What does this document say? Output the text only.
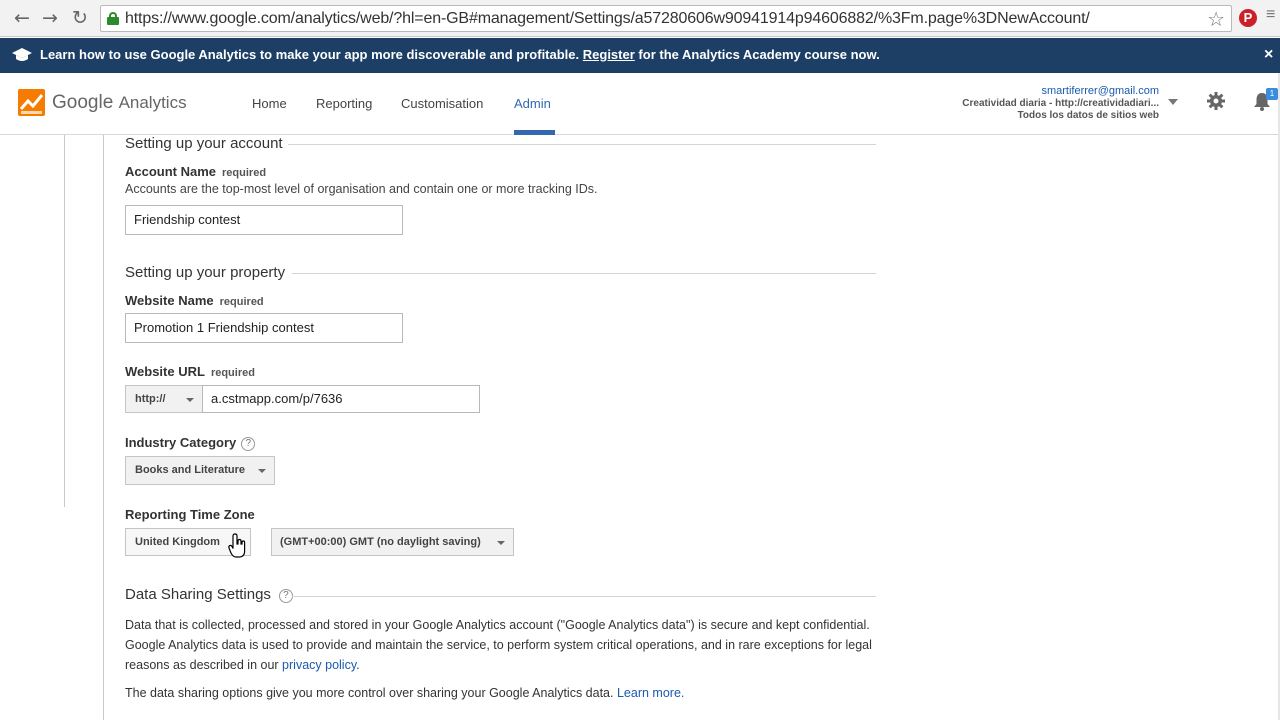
← → ↻ https://www.google.com/analytics/web/?hl=en-GB#management/Settings/a57280606w90941914p94606882/%3Fm.page%3DNewAccount/	☆	P ≡
Learn how to use Google Analytics to make your app more discoverable and profitable. Register for the Analytics Academy course now.	×
Google Analytics	Home Reporting Customisation Admin
smartiferrer@gmail.com
Creatividad diaria - http://creatividadiari...
Todos los datos de sitios web
1
Setting up your account
Account Name required
Accounts are the top-most level of organisation and contain one or more tracking IDs.
Friendship contest
Setting up your property
Website Name required
Promotion 1 Friendship contest
Website URL required
http://	a.cstmapp.com/p/7636
Industry Category ?
Books and Literature
Reporting Time Zone
United Kingdom	(GMT+00:00) GMT (no daylight saving)
Data Sharing Settings ?
Data that is collected, processed and stored in your Google Analytics account ("Google Analytics data") is secure and kept confidential. Google Analytics data is used to provide and maintain the service, to perform system critical operations, and in rare exceptions for legal reasons as described in our privacy policy.
The data sharing options give you more control over sharing your Google Analytics data. Learn more.
